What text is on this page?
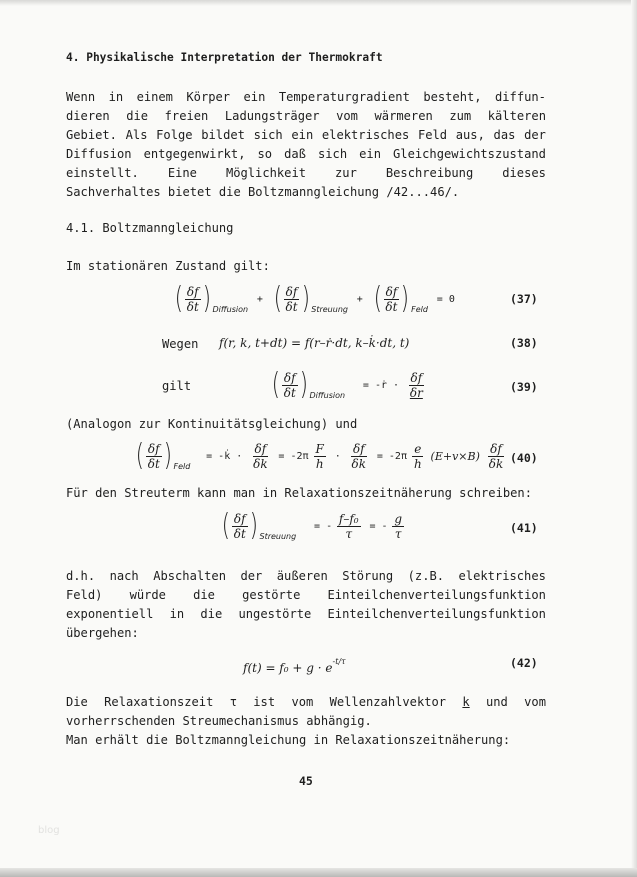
4. Physikalische Interpretation der Thermokraft
Wenn in einem Körper ein Temperaturgradient besteht, diffun-
dieren die freien Ladungsträger vom wärmeren zum kälteren
Gebiet. Als Folge bildet sich ein elektrisches Feld aus, das der
Diffusion entgegenwirkt, so daß sich ein Gleichgewichtszustand
einstellt. Eine Möglichkeit zur Beschreibung dieses
Sachverhaltes bietet die Boltzmanngleichung /42...46/.
4.1. Boltzmanngleichung
Im stationären Zustand gilt:
( $\frac{\delta f}{\delta t}$ ) $_{Diffusion}$ + ( $\frac{\delta f}{\delta t}$ ) $_{Streuung}$ + ( $\frac{\delta f}{\delta t}$ ) $_{Feld}$ = 0	(37)
Wegen f(r, k, t+dt) = f(r–ṙ·dt, k–k̇·dt, t)	(38)
gilt	( $\frac{\delta f}{\delta t}$ ) $_{Diffusion}$ = -ṙ · $\frac{\delta f}{\delta r}$	(39)
(Analogon zur Kontinuitätsgleichung) und
( $\frac{\delta f}{\delta t}$ ) $_{Feld}$ = -k̇ · $\frac{\delta f}{\delta k} = -2\pi \frac{F}{h} \cdot \frac{\delta f}{\delta k} = -2\pi \frac{e}{h} (E+v\times B) \frac{\delta f}{\delta k} (40)$
Für den Streuterm kann man in Relaxationszeitnäherung schreiben:
( $\frac{\delta f}{\delta t}$ ) $_{Streuung}$ = - $\frac{\text{f–f₀}}{\tau}$ = - $\frac{g}{\tau}$	(41)
d.h. nach Abschalten der äußeren Störung (z.B. elektrisches
Feld) würde die gestörte Einteilchenverteilungsfunktion
exponentiell in die ungestörte Einteilchenverteilungsfunktion
übergehen:
$f(t) = f_0 + g \cdot e^{-t/\tau}$	(42)
Die Relaxationszeit τ ist vom Wellenzahlvektor k und vom
vorherrschenden Streumechanismus abhängig.
Man erhält die Boltzmanngleichung in Relaxationszeitnäherung:
45
blog
